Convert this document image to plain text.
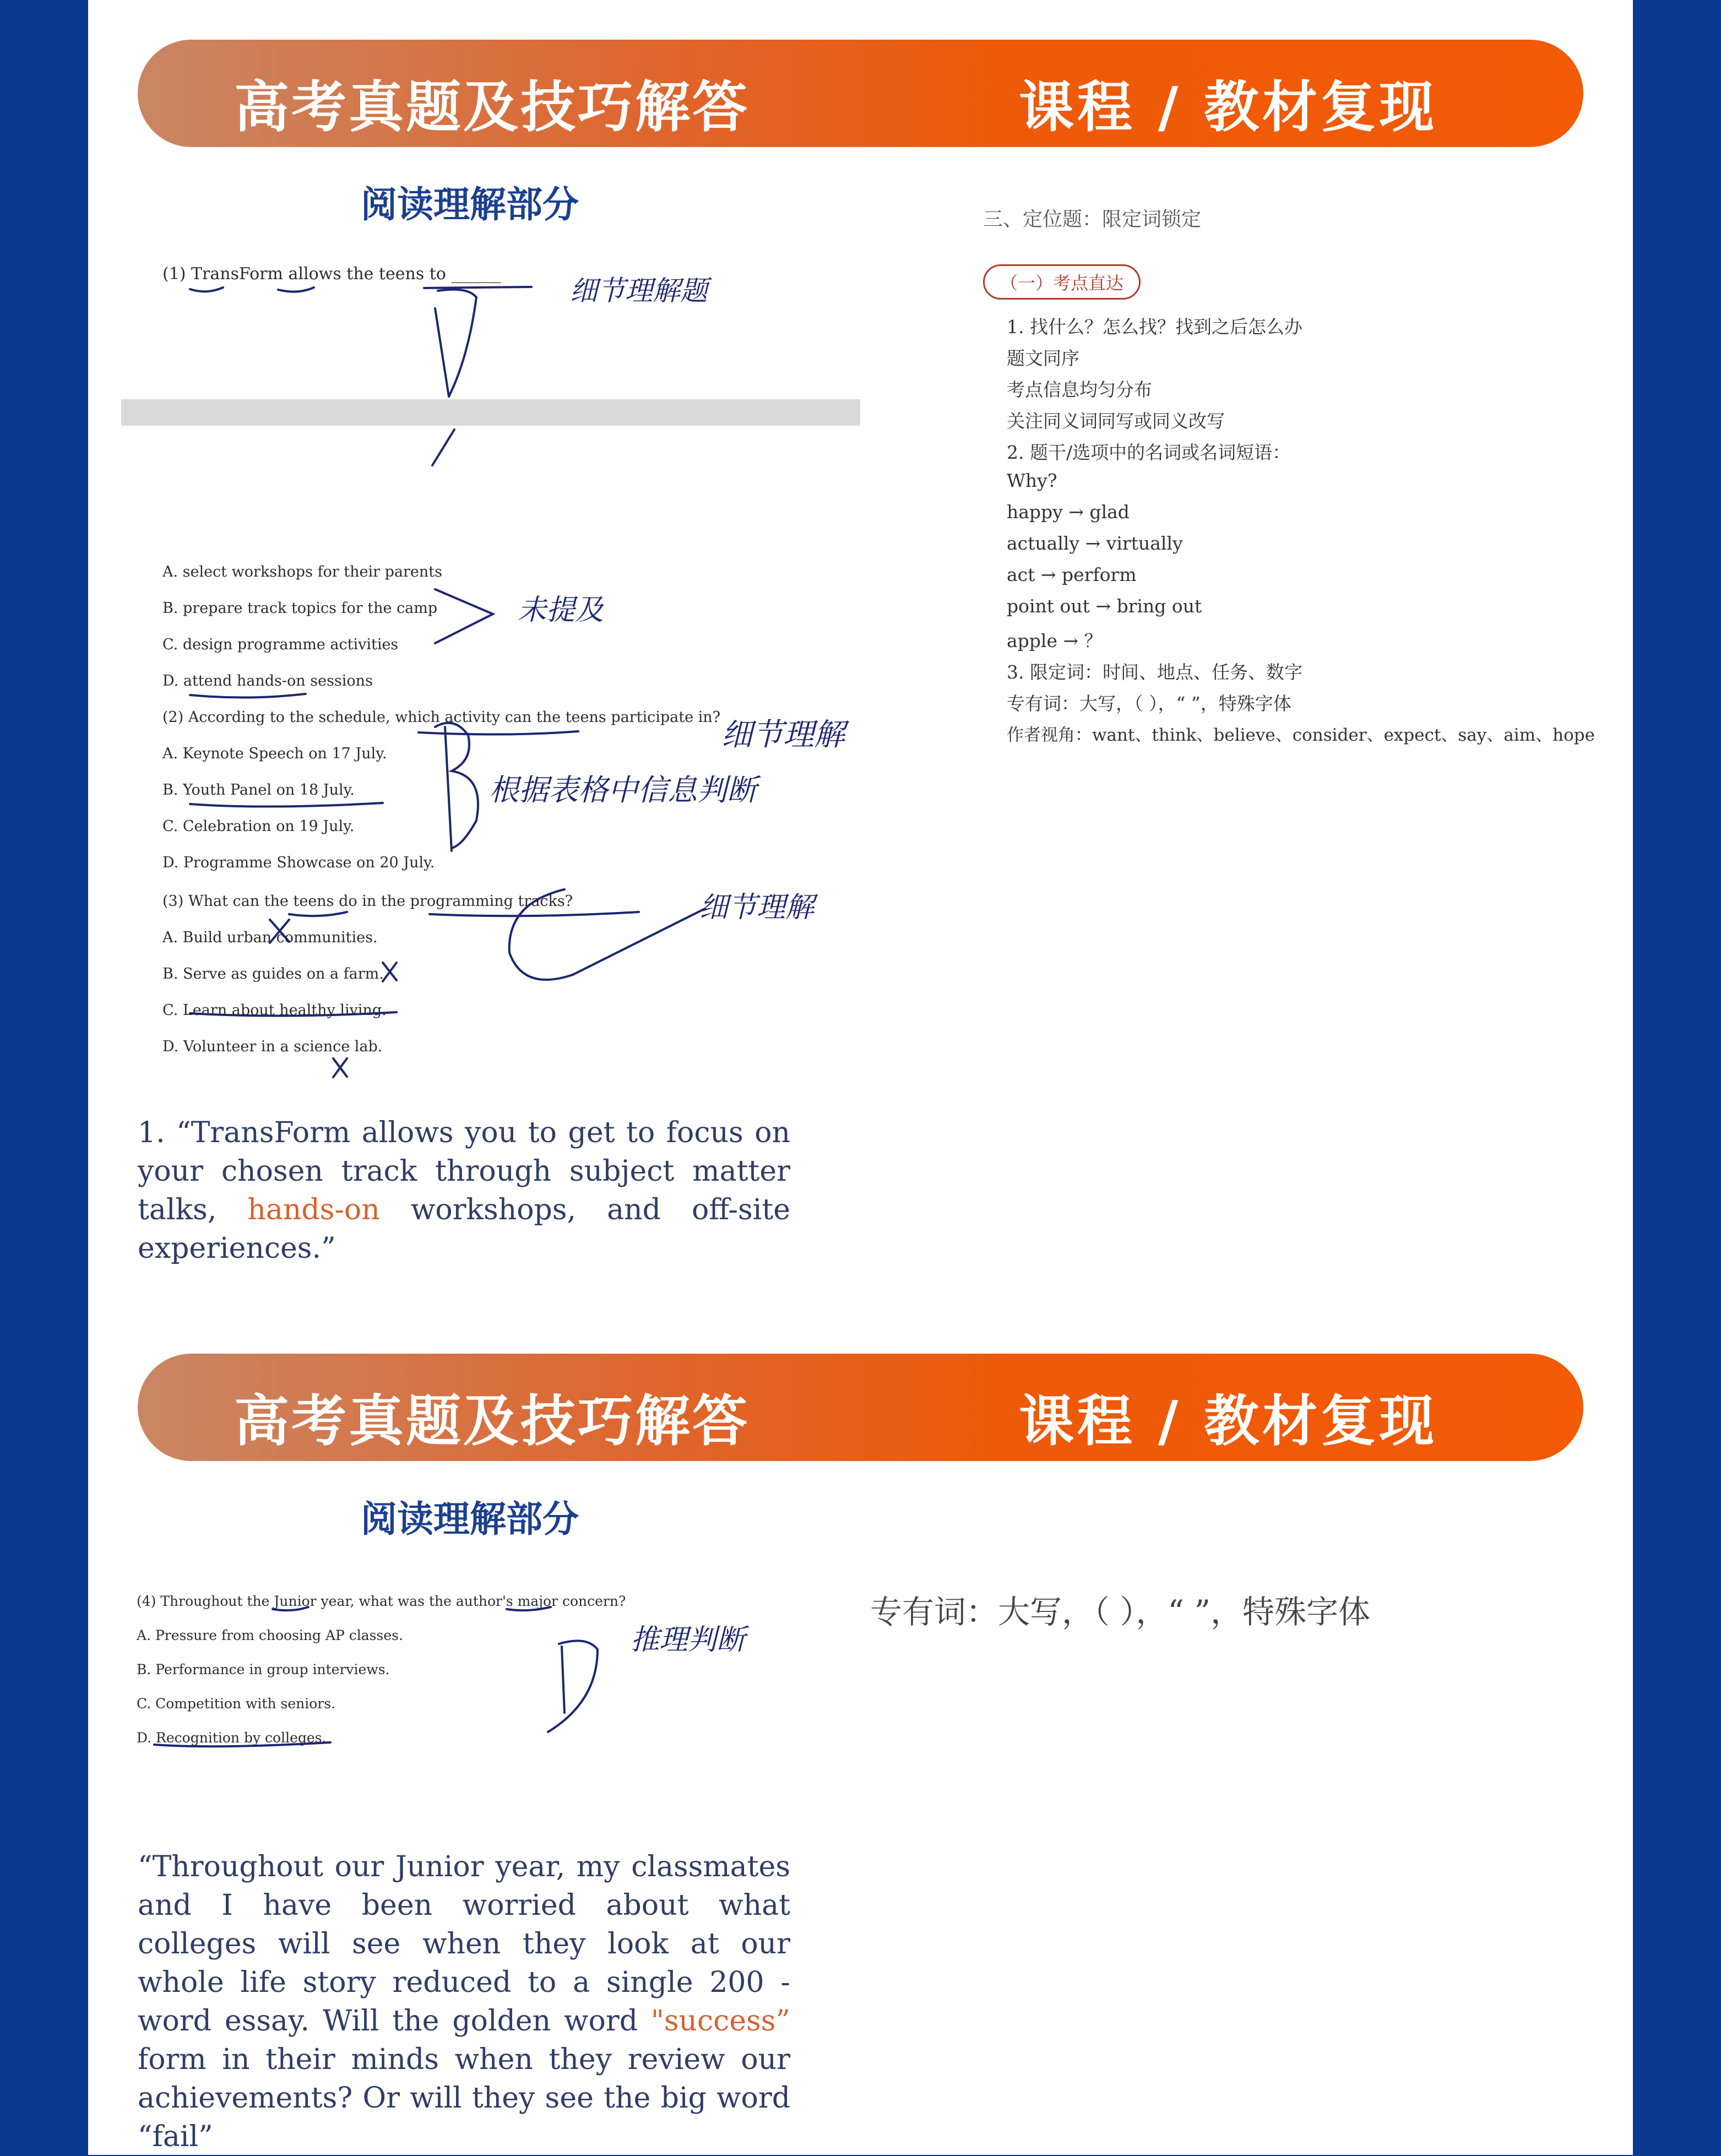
高考真题及技巧解答	课程 / 教材复现
阅读理解部分
(1) TransForm allows the teens to ______
A. select workshops for their parents
B. prepare track topics for the camp
C. design programme activities
D. attend hands-on sessions
(2) According to the schedule, which activity can the teens participate in?
A. Keynote Speech on 17 July.
B. Youth Panel on 18 July.
C. Celebration on 19 July.
D. Programme Showcase on 20 July.
(3) What can the teens do in the programming tracks?
A. Build urban communities.
B. Serve as guides on a farm.
C. Learn about healthy living.
D. Volunteer in a science lab.
细节理解题
未提及
细节理解
根据表格中信息判断
细节理解
三、定位题：限定词锁定
（一）考点直达
1. 找什么？怎么找？找到之后怎么办
题文同序
考点信息均匀分布
关注同义词同写或同义改写
2. 题干/选项中的名词或名词短语：
Why?
happy → glad
actually → virtually
act → perform
point out → bring out
apple → ？
3. 限定词：时间、地点、任务、数字
专有词：大写，（ ），“ ”，特殊字体
作者视角：want、think、believe、consider、expect、say、aim、hope
1. “TransForm allows you to get to focus on your chosen track through subject matter talks, hands-on workshops, and off-site experiences.”
高考真题及技巧解答	课程 / 教材复现
阅读理解部分
(4) Throughout the Junior year, what was the author's major concern?
A. Pressure from choosing AP classes.
B. Performance in group interviews.
C. Competition with seniors.
D. Recognition by colleges.
推理判断
专有词：大写，（ ），“ ”，特殊字体
“Throughout our Junior year, my classmates and I have been worried about what colleges will see when they look at our whole life story reduced to a single 200 - word essay. Will the golden word "success” form in their minds when they review our achievements? Or will they see the big word “fail”
